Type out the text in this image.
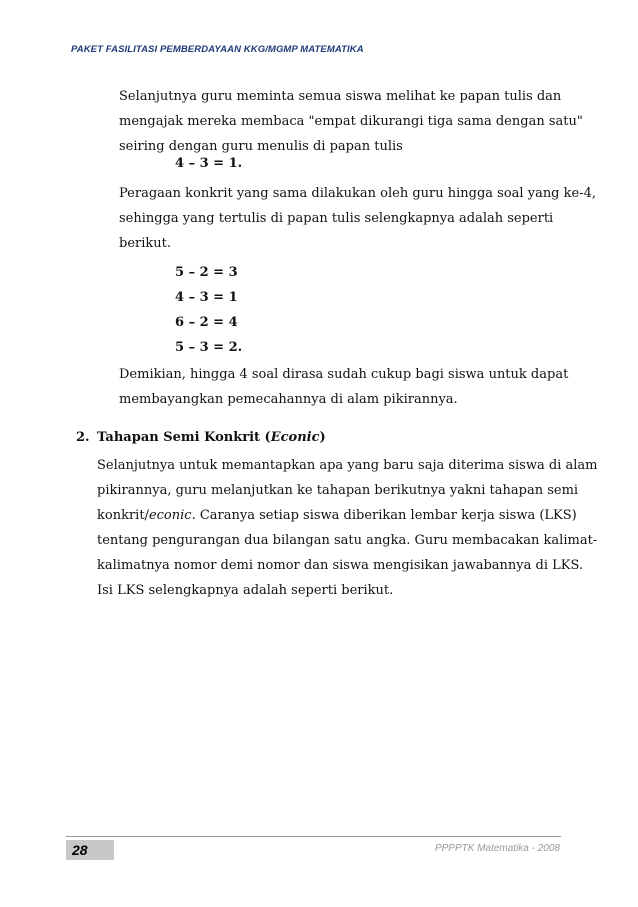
PAKET FASILITASI PEMBERDAYAAN KKG/MGMP MATEMATIKA
Selanjutnya guru meminta semua siswa melihat ke papan tulis dan
mengajak mereka membaca "empat dikurangi tiga sama dengan satu"
seiring dengan guru menulis di papan tulis
4 – 3 = 1.
Peragaan konkrit yang sama dilakukan oleh guru hingga soal yang ke-4,
sehingga yang tertulis di papan tulis selengkapnya adalah seperti
berikut.
5 – 2 = 3
4 – 3 = 1
6 – 2 = 4
5 – 3 = 2.
Demikian, hingga 4 soal dirasa sudah cukup bagi siswa untuk dapat
membayangkan pemecahannya di alam pikirannya.
2. Tahapan Semi Konkrit (Econic)
Selanjutnya untuk memantapkan apa yang baru saja diterima siswa di alam
pikirannya, guru melanjutkan ke tahapan berikutnya yakni tahapan semi
konkrit/econic. Caranya setiap siswa diberikan lembar kerja siswa (LKS)
tentang pengurangan dua bilangan satu angka. Guru membacakan kalimat-
kalimatnya nomor demi nomor dan siswa mengisikan jawabannya di LKS.
Isi LKS selengkapnya adalah seperti berikut.
28	PPPPTK Matematika - 2008
